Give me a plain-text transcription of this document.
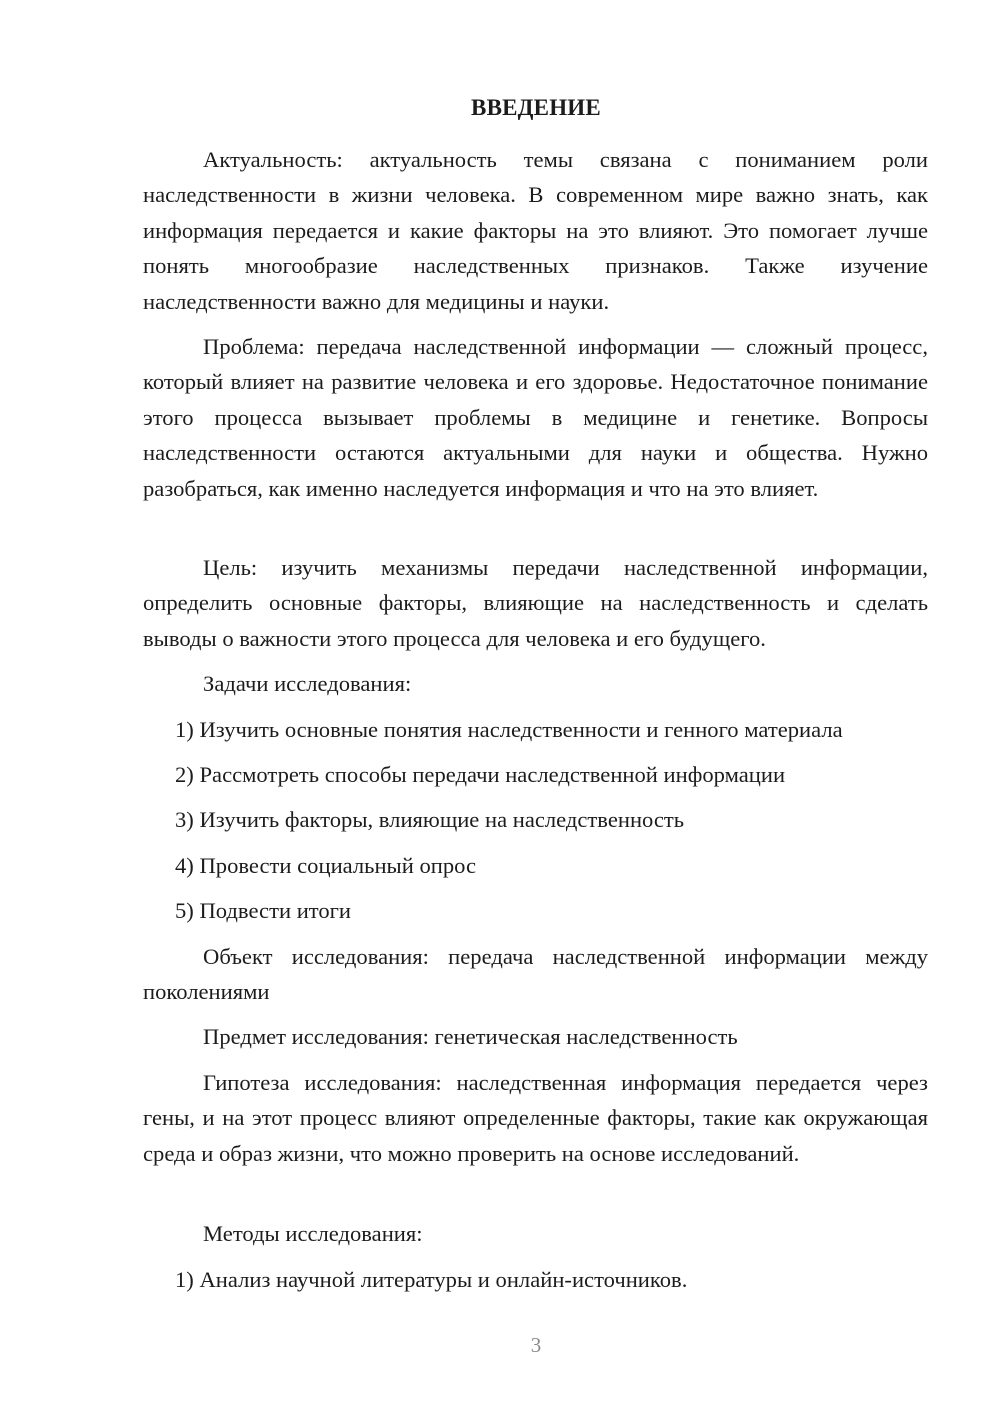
ВВЕДЕНИЕ
Актуальность: актуальность темы связана с пониманием роли наследственности в жизни человека. В современном мире важно знать, как информация передается и какие факторы на это влияют. Это помогает лучше понять многообразие наследственных признаков. Также изучение наследственности важно для медицины и науки.
Проблема: передача наследственной информации — сложный процесс, который влияет на развитие человека и его здоровье. Недостаточное понимание этого процесса вызывает проблемы в медицине и генетике. Вопросы наследственности остаются актуальными для науки и общества. Нужно разобраться, как именно наследуется информация и что на это влияет.
Цель: изучить механизмы передачи наследственной информации, определить основные факторы, влияющие на наследственность и сделать выводы о важности этого процесса для человека и его будущего.
Задачи исследования:
1) Изучить основные понятия наследственности и генного материала
2) Рассмотреть способы передачи наследственной информации
3) Изучить факторы, влияющие на наследственность
4) Провести социальный опрос
5) Подвести итоги
Объект исследования: передача наследственной информации между поколениями
Предмет исследования: генетическая наследственность
Гипотеза исследования: наследственная информация передается через гены, и на этот процесс влияют определенные факторы, такие как окружающая среда и образ жизни, что можно проверить на основе исследований.
Методы исследования:
1) Анализ научной литературы и онлайн-источников.
3
